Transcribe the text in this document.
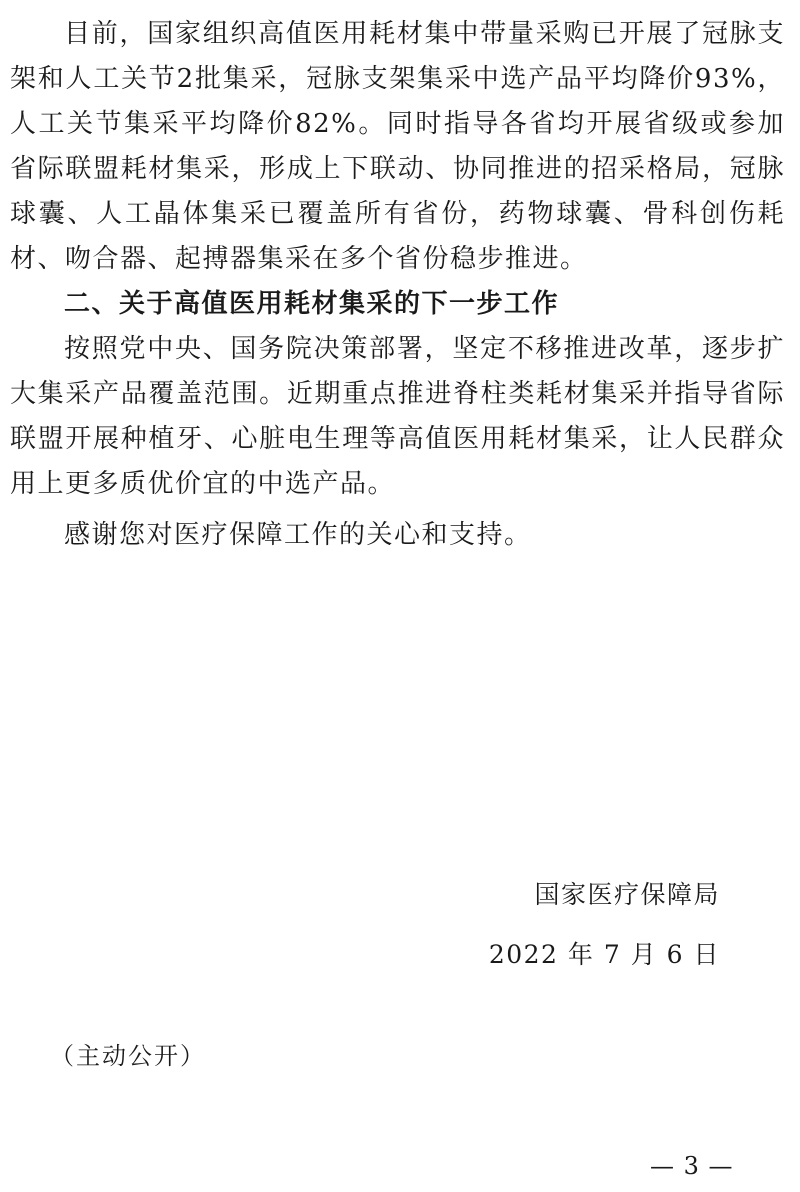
目前，国家组织高值医用耗材集中带量采购已开展了冠脉支架和人工关节2批集采，冠脉支架集采中选产品平均降价93%，人工关节集采平均降价82%。同时指导各省均开展省级或参加省际联盟耗材集采，形成上下联动、协同推进的招采格局，冠脉球囊、人工晶体集采已覆盖所有省份，药物球囊、骨科创伤耗材、吻合器、起搏器集采在多个省份稳步推进。

二、关于高值医用耗材集采的下一步工作

按照党中央、国务院决策部署，坚定不移推进改革，逐步扩大集采产品覆盖范围。近期重点推进脊柱类耗材集采并指导省际联盟开展种植牙、心脏电生理等高值医用耗材集采，让人民群众用上更多质优价宜的中选产品。

感谢您对医疗保障工作的关心和支持。

国家医疗保障局
2022 年 7 月 6 日
（主动公开）
— 3 —
